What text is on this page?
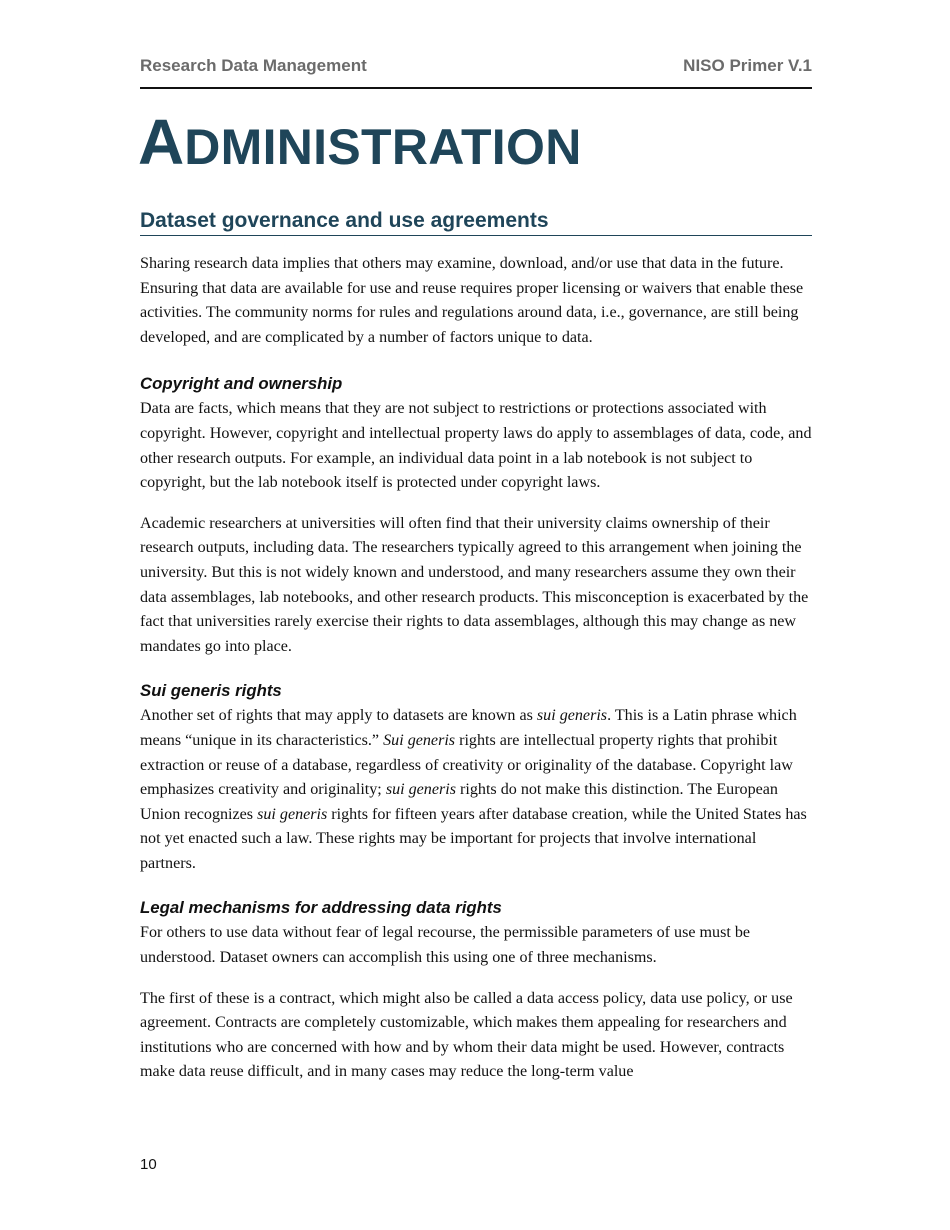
Research Data Management	NISO Primer V.1
ADMINISTRATION
Dataset governance and use agreements

Sharing research data implies that others may examine, download, and/or use that data in the future. Ensuring that data are available for use and reuse requires proper licensing or waivers that enable these activities. The community norms for rules and regulations around data, i.e., governance, are still being developed, and are complicated by a number of factors unique to data.

Copyright and ownership

Data are facts, which means that they are not subject to restrictions or protections associated with copyright. However, copyright and intellectual property laws do apply to assemblages of data, code, and other research outputs. For example, an individual data point in a lab notebook is not subject to copyright, but the lab notebook itself is protected under copyright laws.

Academic researchers at universities will often find that their university claims ownership of their research outputs, including data. The researchers typically agreed to this arrangement when joining the university. But this is not widely known and understood, and many researchers assume they own their data assemblages, lab notebooks, and other research products. This misconception is exacerbated by the fact that universities rarely exercise their rights to data assemblages, although this may change as new mandates go into place.

Sui generis rights

Another set of rights that may apply to datasets are known as sui generis. This is a Latin phrase which means “unique in its characteristics.” Sui generis rights are intellectual property rights that prohibit extraction or reuse of a database, regardless of creativity or originality of the database. Copyright law emphasizes creativity and originality; sui generis rights do not make this distinction. The European Union recognizes sui generis rights for fifteen years after database creation, while the United States has not yet enacted such a law. These rights may be important for projects that involve international partners.

Legal mechanisms for addressing data rights

For others to use data without fear of legal recourse, the permissible parameters of use must be understood. Dataset owners can accomplish this using one of three mechanisms.

The first of these is a contract, which might also be called a data access policy, data use policy, or use agreement. Contracts are completely customizable, which makes them appealing for researchers and institutions who are concerned with how and by whom their data might be used. However, contracts make data reuse difficult, and in many cases may reduce the long-term value

10
